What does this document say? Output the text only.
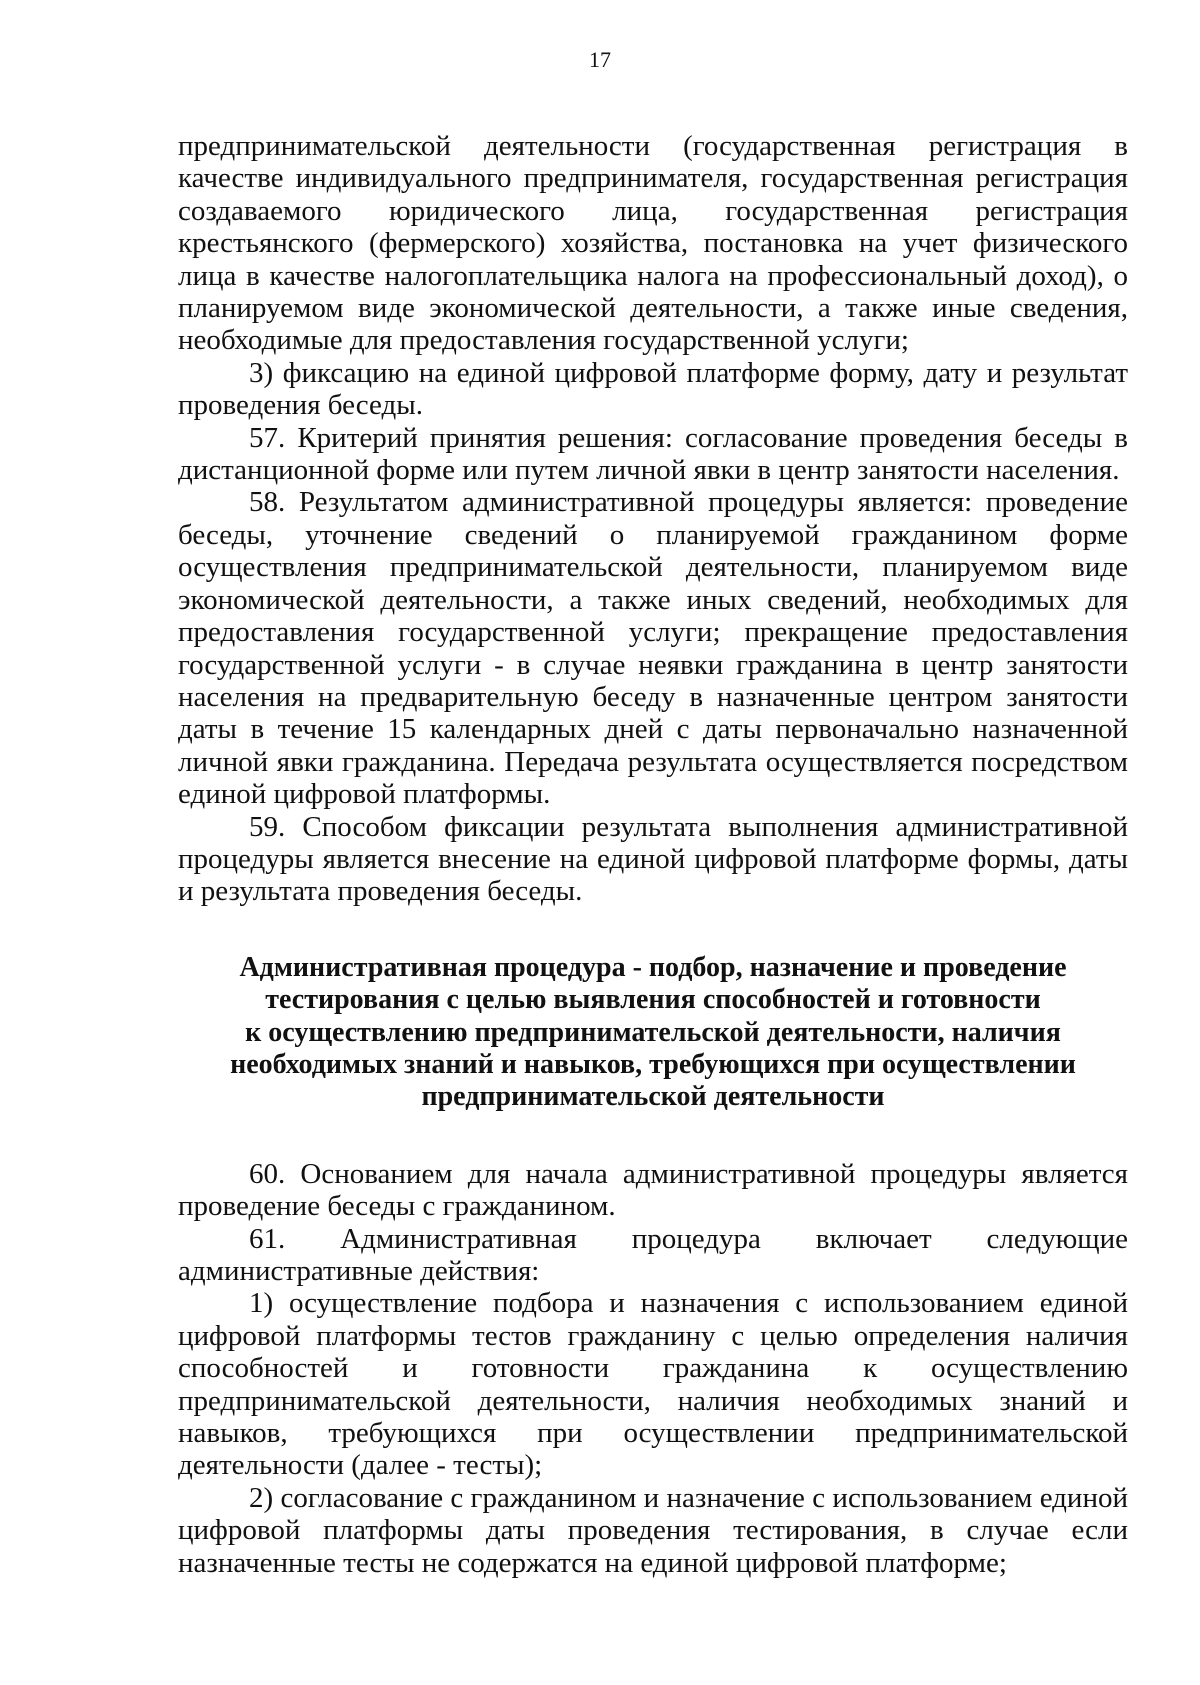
17

предпринимательской деятельности (государственная регистрация в качестве индивидуального предпринимателя, государственная регистрация создаваемого юридического лица, государственная регистрация крестьянского (фермерского) хозяйства, постановка на учет физического лица в качестве налогоплательщика налога на профессиональный доход), о планируемом виде экономической деятельности, а также иные сведения, необходимые для предоставления государственной услуги;

3) фиксацию на единой цифровой платформе форму, дату и результат проведения беседы.

57. Критерий принятия решения: согласование проведения беседы в дистанционной форме или путем личной явки в центр занятости населения.

58. Результатом административной процедуры является: проведение беседы, уточнение сведений о планируемой гражданином форме осуществления предпринимательской деятельности, планируемом виде экономической деятельности, а также иных сведений, необходимых для предоставления государственной услуги; прекращение предоставления государственной услуги - в случае неявки гражданина в центр занятости населения на предварительную беседу в назначенные центром занятости даты в течение 15 календарных дней с даты первоначально назначенной личной явки гражданина. Передача результата осуществляется посредством единой цифровой платформы.

59. Способом фиксации результата выполнения административной процедуры является внесение на единой цифровой платформе формы, даты и результата проведения беседы.

Административная процедура - подбор, назначение и проведение
тестирования с целью выявления способностей и готовности
к осуществлению предпринимательской деятельности, наличия
необходимых знаний и навыков, требующихся при осуществлении
предпринимательской деятельности

60. Основанием для начала административной процедуры является проведение беседы с гражданином.

61. Административная процедура включает следующие административные действия:

1) осуществление подбора и назначения с использованием единой цифровой платформы тестов гражданину с целью определения наличия способностей и готовности гражданина к осуществлению предпринимательской деятельности, наличия необходимых знаний и навыков, требующихся при осуществлении предпринимательской деятельности (далее - тесты);

2) согласование с гражданином и назначение с использованием единой цифровой платформы даты проведения тестирования, в случае если назначенные тесты не содержатся на единой цифровой платформе;
